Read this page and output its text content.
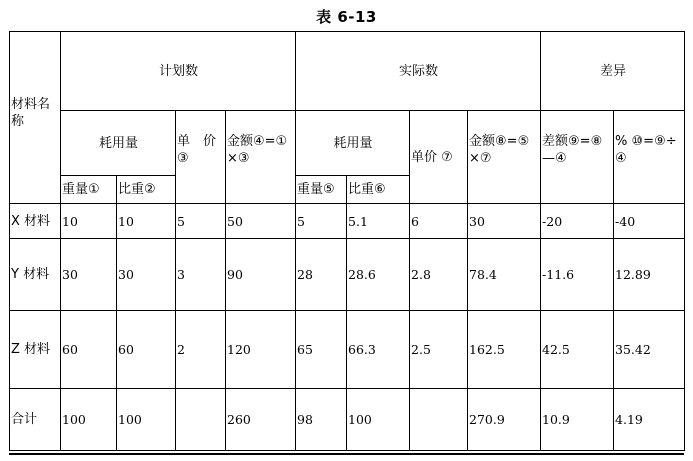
表 6-13
材料名称	计划数				实际数				差异	
	耗用量		单　价③	金额④=①×③	耗用量		单价 ⑦	金额⑧=⑤×⑦	差额⑨=⑧—④	% ⑩=⑨÷④
	重量①	比重②			重量⑤	比重⑥				
X 材料	10	10	5	50	5	5.1	6	30	-20	-40
Y 材料	30	30	3	90	28	28.6	2.8	78.4	-11.6	12.89
Z 材料	60	60	2	120	65	66.3	2.5	162.5	42.5	35.42
合计	100	100		260	98	100		270.9	10.9	4.19
